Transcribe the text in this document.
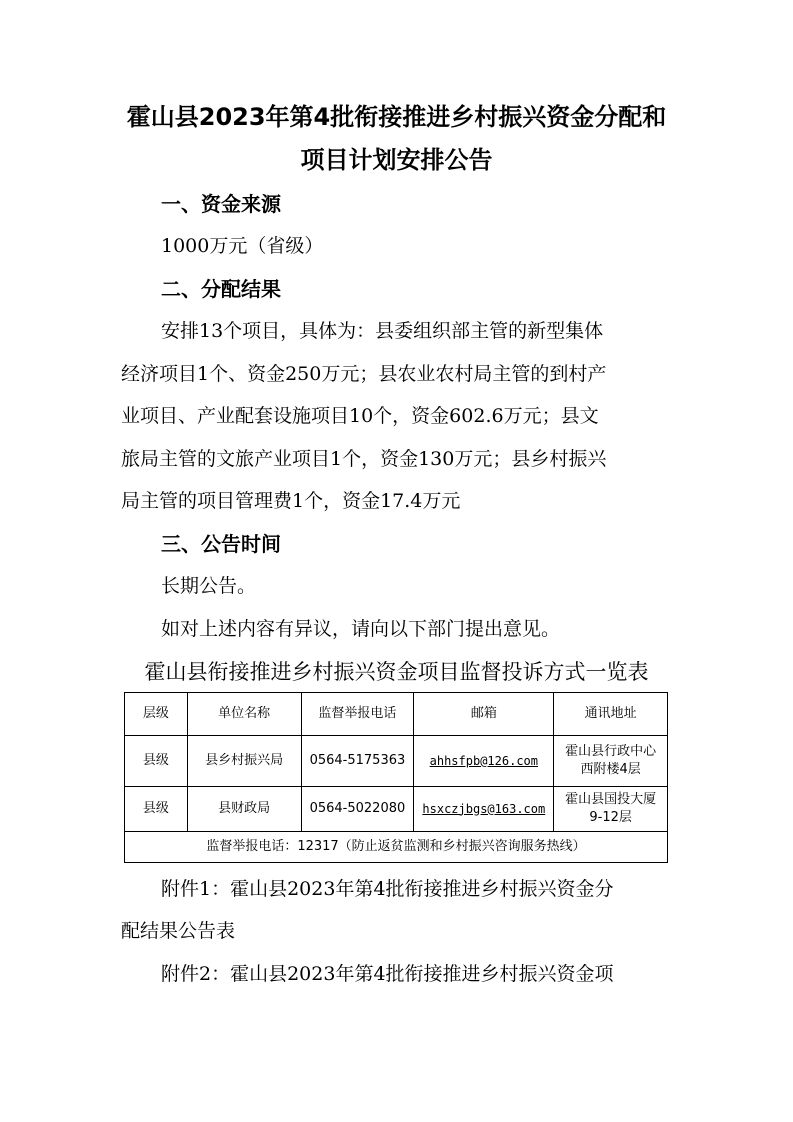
霍山县2023年第4批衔接推进乡村振兴资金分配和
项目计划安排公告
一、资金来源

1000万元（省级）

二、分配结果

安排13个项目，具体为：县委组织部主管的新型集体

经济项目1个、资金250万元；县农业农村局主管的到村产

业项目、产业配套设施项目10个，资金602.6万元；县文

旅局主管的文旅产业项目1个，资金130万元；县乡村振兴

局主管的项目管理费1个，资金17.4万元

三、公告时间

长期公告。

如对上述内容有异议，请向以下部门提出意见。

霍山县衔接推进乡村振兴资金项目监督投诉方式一览表

层级	单位名称	监督举报电话	邮箱	通讯地址
县级	县乡村振兴局	0564-5175363	ahhsfpb@126.com	霍山县行政中心
西附楼4层

县级	县财政局	0564-5022080	hsxczjbgs@163.com	霍山县国投大厦
9-12层

监督举报电话：12317（防止返贫监测和乡村振兴咨询服务热线）				

附件1：霍山县2023年第4批衔接推进乡村振兴资金分

配结果公告表

附件2：霍山县2023年第4批衔接推进乡村振兴资金项
